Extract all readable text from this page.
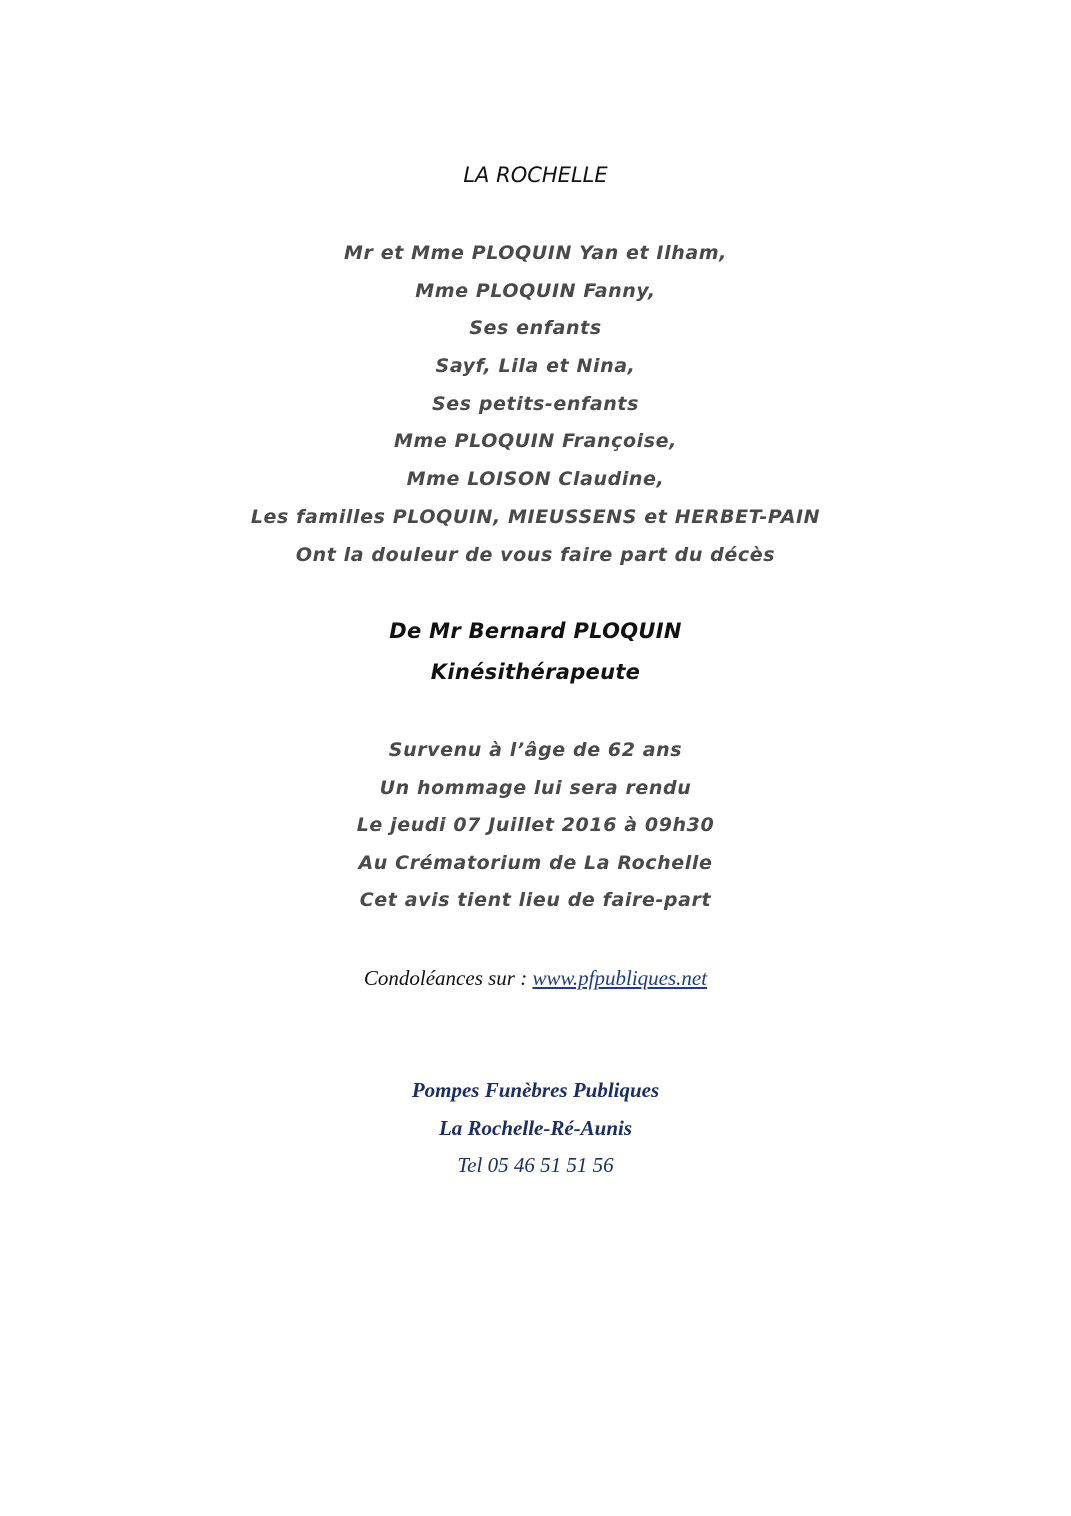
LA ROCHELLE
Mr et Mme PLOQUIN Yan et Ilham,
Mme PLOQUIN Fanny,
Ses enfants
Sayf, Lila et Nina,
Ses petits-enfants
Mme PLOQUIN Françoise,
Mme LOISON Claudine,
Les familles PLOQUIN, MIEUSSENS et HERBET-PAIN
Ont la douleur de vous faire part du décès
De Mr Bernard PLOQUIN
Kinésithérapeute
Survenu à l’âge de 62 ans
Un hommage lui sera rendu
Le jeudi 07 Juillet 2016 à 09h30
Au Crématorium de La Rochelle
Cet avis tient lieu de faire-part
Condoléances sur : www.pfpubliques.net
Pompes Funèbres Publiques
La Rochelle-Ré-Aunis
Tel 05 46 51 51 56
